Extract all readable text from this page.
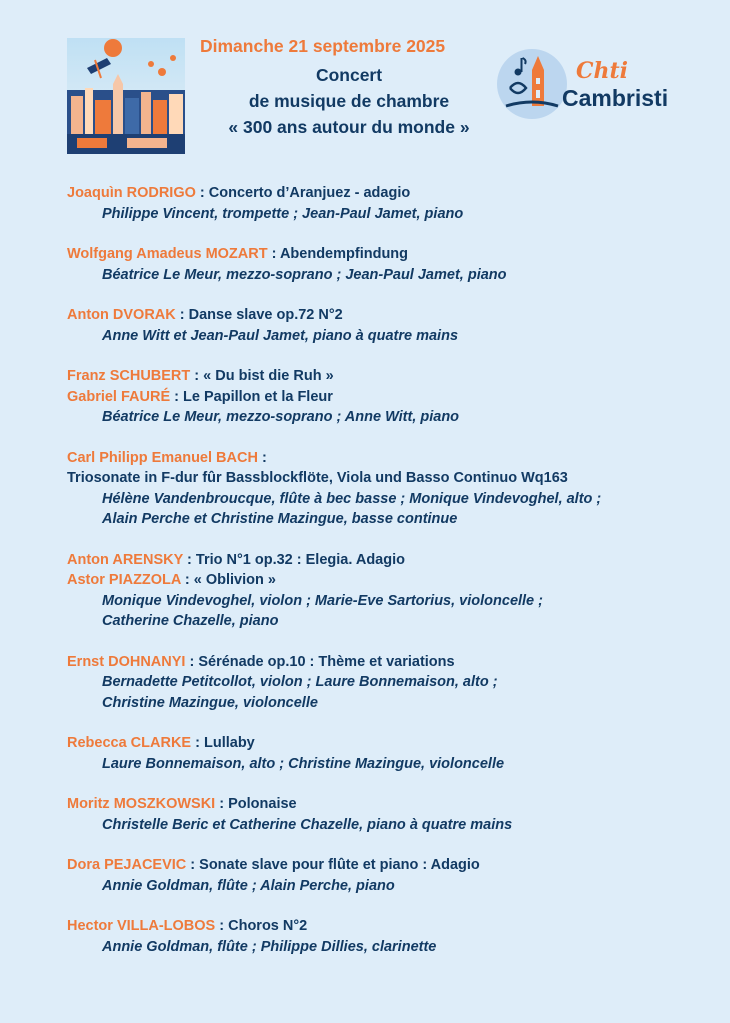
Dimanche 21 septembre 2025
Concert
de musique de chambre
« 300 ans autour du monde »
Chti
Cambristi
Joaquìn RODRIGO : Concerto d’Aranjuez - adagio
Philippe Vincent, trompette ; Jean-Paul Jamet, piano
Wolfgang Amadeus MOZART : Abendempfindung
Béatrice Le Meur, mezzo-soprano ; Jean-Paul Jamet, piano
Anton DVORAK : Danse slave op.72 N°2
Anne Witt et Jean-Paul Jamet, piano à quatre mains
Franz SCHUBERT : « Du bist die Ruh »
Gabriel FAURÉ : Le Papillon et la Fleur
Béatrice Le Meur, mezzo-soprano ; Anne Witt, piano
Carl Philipp Emanuel BACH :
Triosonate in F-dur fûr Bassblockflöte, Viola und Basso Continuo Wq163
Hélène Vandenbroucque, flûte à bec basse ; Monique Vindevoghel, alto ;
Alain Perche et Christine Mazingue, basse continue
Anton ARENSKY : Trio N°1 op.32 : Elegia. Adagio
Astor PIAZZOLA : « Oblivion »
Monique Vindevoghel, violon ; Marie-Eve Sartorius, violoncelle ;
Catherine Chazelle, piano
Ernst DOHNANYI : Sérénade op.10 : Thème et variations
Bernadette Petitcollot, violon ; Laure Bonnemaison, alto ;
Christine Mazingue, violoncelle
Rebecca CLARKE : Lullaby
Laure Bonnemaison, alto ; Christine Mazingue, violoncelle
Moritz MOSZKOWSKI : Polonaise
Christelle Beric et Catherine Chazelle, piano à quatre mains
Dora PEJACEVIC : Sonate slave pour flûte et piano : Adagio
Annie Goldman, flûte ; Alain Perche, piano
Hector VILLA-LOBOS : Choros N°2
Annie Goldman, flûte ; Philippe Dillies, clarinette
